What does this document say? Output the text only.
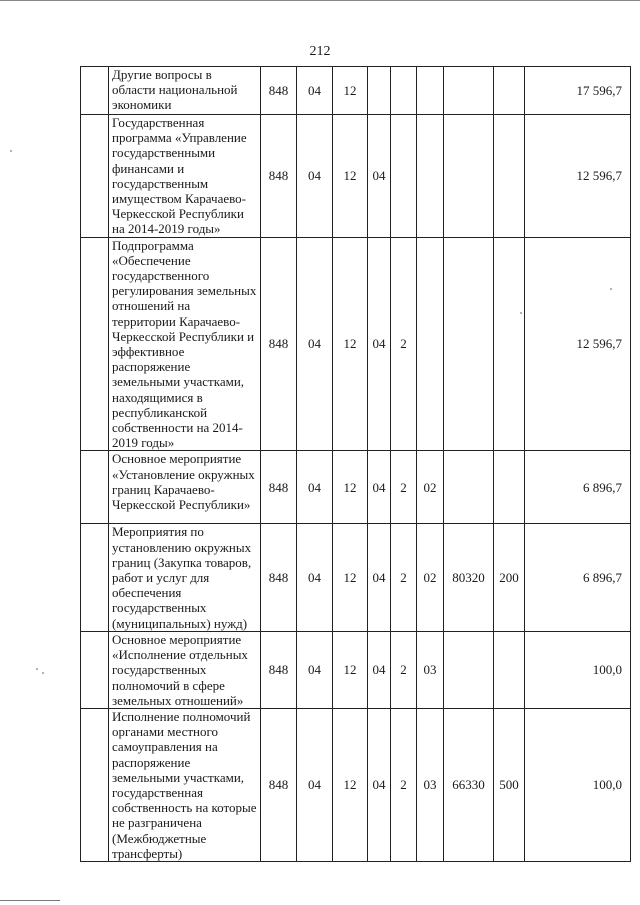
212
	Другие вопросы в области национальной экономики	848	04	12						17 596,7
	Государственная программа «Управление государственными финансами и государственным имуществом Карачаево-Черкесской Республики на 2014-2019 годы»	848	04	12	04					12 596,7
	Подпрограмма «Обеспечение государственного регулирования земельных отношений на территории Карачаево-Черкесской Республики и эффективное распоряжение земельными участками, находящимися в республиканской собственности на 2014-2019 годы»	848	04	12	04	2				12 596,7
	Основное мероприятие «Установление окружных границ Карачаево-Черкесской Республики»	848	04	12	04	2	02			6 896,7
	Мероприятия по установлению окружных границ (Закупка товаров, работ и услуг для обеспечения государственных (муниципальных) нужд)	848	04	12	04	2	02	80320	200	6 896,7
	Основное мероприятие «Исполнение отдельных государственных полномочий в сфере земельных отношений»	848	04	12	04	2	03			100,0
	Исполнение полномочий органами местного самоуправления на распоряжение земельными участками, государственная собственность на которые не разграничена (Межбюджетные трансферты)	848	04	12	04	2	03	66330	500	100,0
